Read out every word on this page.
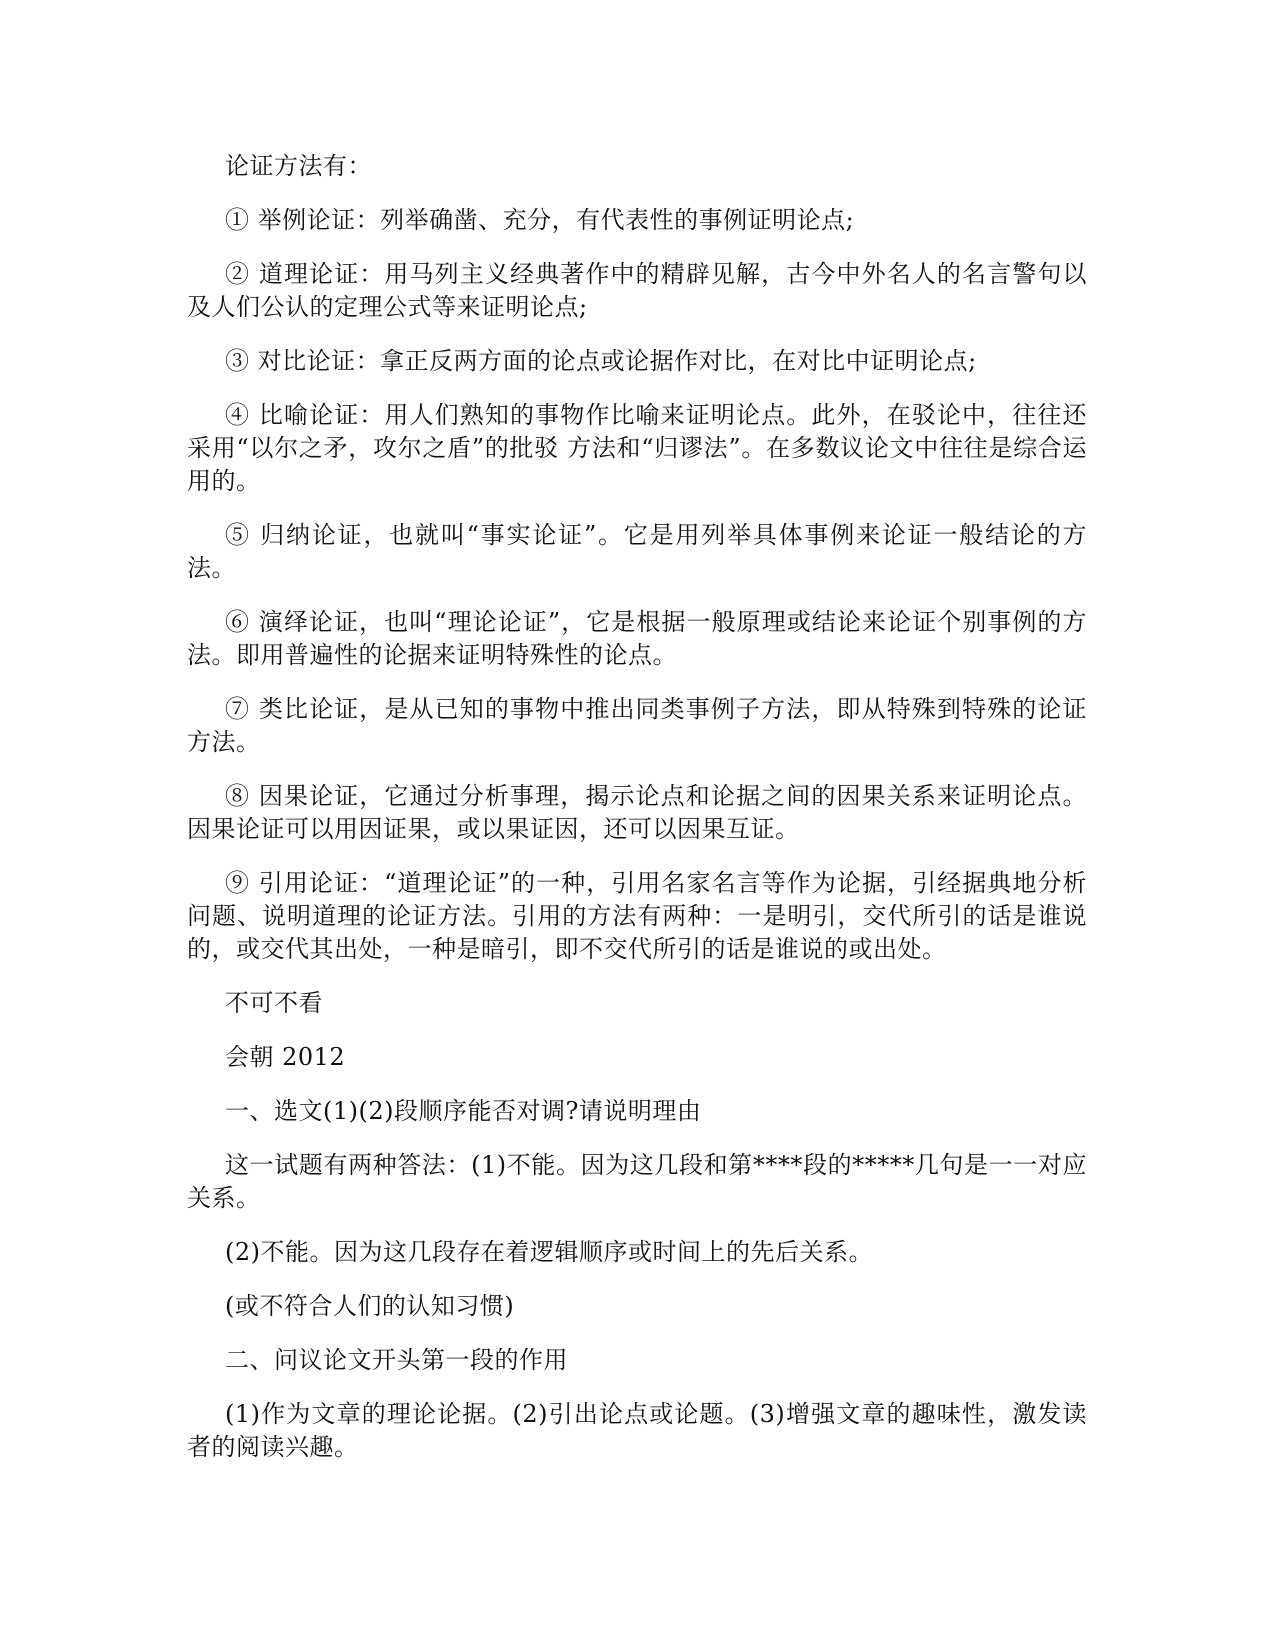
论证方法有：

① 举例论证：列举确凿、充分，有代表性的事例证明论点;

② 道理论证：用马列主义经典著作中的精辟见解，古今中外名人的名言警句以及人们公认的定理公式等来证明论点;

③ 对比论证：拿正反两方面的论点或论据作对比，在对比中证明论点;

④ 比喻论证：用人们熟知的事物作比喻来证明论点。此外，在驳论中，往往还采用“以尔之矛，攻尔之盾”的批驳 方法和“归谬法”。在多数议论文中往往是综合运用的。

⑤ 归纳论证，也就叫“事实论证”。它是用列举具体事例来论证一般结论的方法。

⑥ 演绎论证，也叫“理论论证”，它是根据一般原理或结论来论证个别事例的方法。即用普遍性的论据来证明特殊性的论点。

⑦ 类比论证，是从已知的事物中推出同类事例子方法，即从特殊到特殊的论证方法。

⑧ 因果论证，它通过分析事理，揭示论点和论据之间的因果关系来证明论点。因果论证可以用因证果，或以果证因，还可以因果互证。

⑨ 引用论证：“道理论证”的一种，引用名家名言等作为论据，引经据典地分析问题、说明道理的论证方法。引用的方法有两种：一是明引，交代所引的话是谁说的，或交代其出处，一种是暗引，即不交代所引的话是谁说的或出处。

不可不看

会朝 2012

一、选文(1)(2)段顺序能否对调?请说明理由

这一试题有两种答法：(1)不能。因为这几段和第****段的*****几句是一一对应关系。

(2)不能。因为这几段存在着逻辑顺序或时间上的先后关系。

(或不符合人们的认知习惯)

二、问议论文开头第一段的作用

(1)作为文章的理论论据。(2)引出论点或论题。(3)增强文章的趣味性，激发读者的阅读兴趣。
